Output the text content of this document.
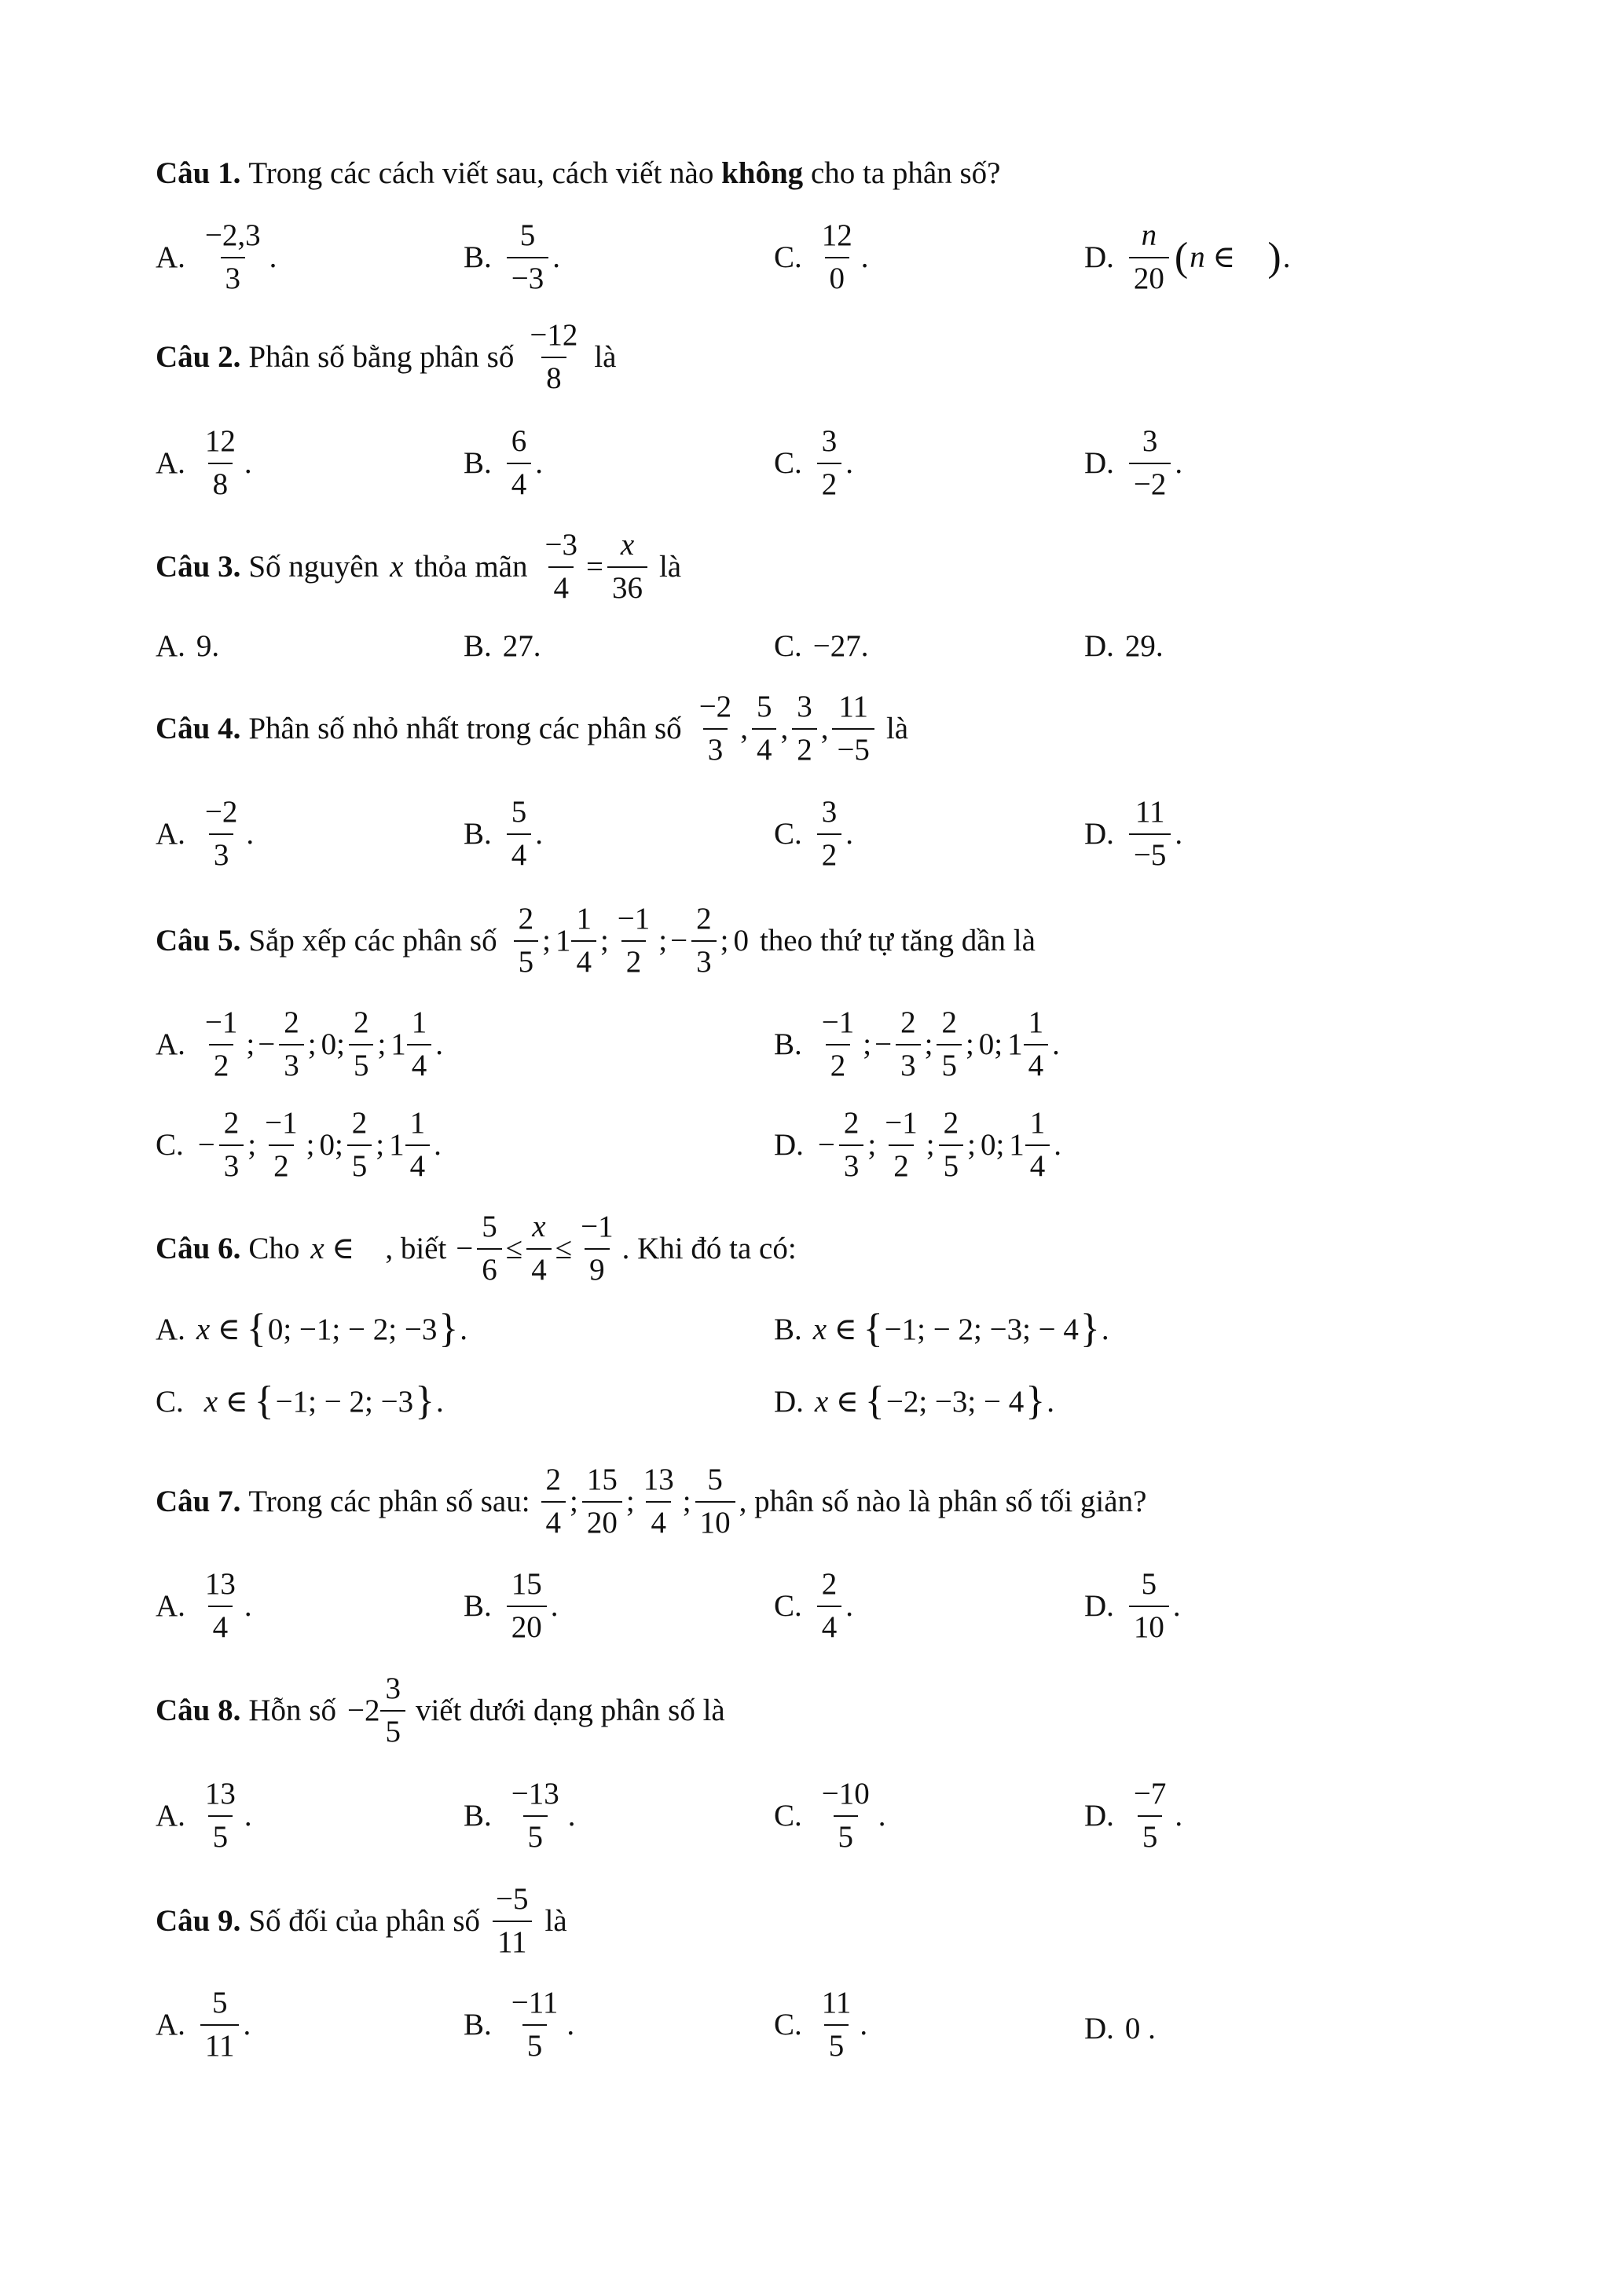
Câu 1. Trong các cách viết sau, cách viết nào không cho ta phân số?
A. $\frac{-2,3}{3}$ .	B. $\frac{5}{-3}$ .	C. $\frac{12}{0}$ .	D. $\frac{n}{20}$ ( n ∈
) .
Câu 2. Phân số bằng phân số $\frac{-12}{8}$ là
A. $\frac{12}{8}$ .	B. $\frac{6}{4}$ .	C. $\frac{3}{2}$ .	D. $\frac{3}{-2}$ .
Câu 3. Số nguyên x thỏa mãn $\frac{-3}{4} = \frac{x}{36}$ là
A. 9.	B. 27.	C. −27.	D. 29.
Câu 4. Phân số nhỏ nhất trong các phân số $\frac{-2}{3}$ , $\frac{5}{4}$ , $\frac{3}{2}$ , $\frac{11}{-5}$ là
A. $\frac{-2}{3}$ .	B. $\frac{5}{4}$ .	C. $\frac{3}{2}$ .	D. $\frac{11}{-5}$ .
Câu 5. Sắp xếp các phân số $\frac{2}{5}$ ; $1 \frac{1}{4}$ ; $\frac{-1}{2}$ ; − $\frac{2}{3}$ ; 0 theo thứ tự tăng dần là
A. $\frac{-1}{2}$ ; − $\frac{2}{3}$ ; 0 ; $\frac{2}{5}$ ; $1 \frac{1}{4}$ .	B. $\frac{-1}{2}$ ; − $\frac{2}{3}$ ; $\frac{2}{5}$ ; 0 ; $1 \frac{1}{4}$ .
C. − $\frac{2}{3}$ ; $\frac{-1}{2}$ ; 0 ; $\frac{2}{5}$ ; $1 \frac{1}{4}$ .	D. − $\frac{2}{3}$ ; $\frac{-1}{2}$ ; $\frac{2}{5}$ ; 0 ; $1 \frac{1}{4}$ .
Câu 6. Cho x ∈
, biết − $\frac{5}{6} \le \frac{x}{4} \le \frac{-1}{9}$ . Khi đó ta có:
A. x ∈ { 0; −1; − 2; −3 } .	B. x ∈ { −1; − 2; −3; − 4 } .
C. x ∈ { −1; − 2; −3 } .	D. x ∈ { −2; −3; − 4 } .
Câu 7. Trong các phân số sau: $\frac{2}{4}$ ; $\frac{15}{20}$ ; $\frac{13}{4}$ ; $\frac{5}{10}$ , phân số nào là phân số tối giản?
A. $\frac{13}{4}$ .	B. $\frac{15}{20}$ .	C. $\frac{2}{4}$ .	D. $\frac{5}{10}$ .
Câu 8. Hỗn số $-2 \frac{3}{5}$ viết dưới dạng phân số là
A. $\frac{13}{5}$ .	B. $\frac{-13}{5}$ .	C. $\frac{-10}{5}$ .	D. $\frac{-7}{5}$ .
Câu 9. Số đối của phân số $\frac{-5}{11}$ là
A. $\frac{5}{11}$ .	B. $\frac{-11}{5}$ .	C. $\frac{11}{5}$ .	D. 0 .
